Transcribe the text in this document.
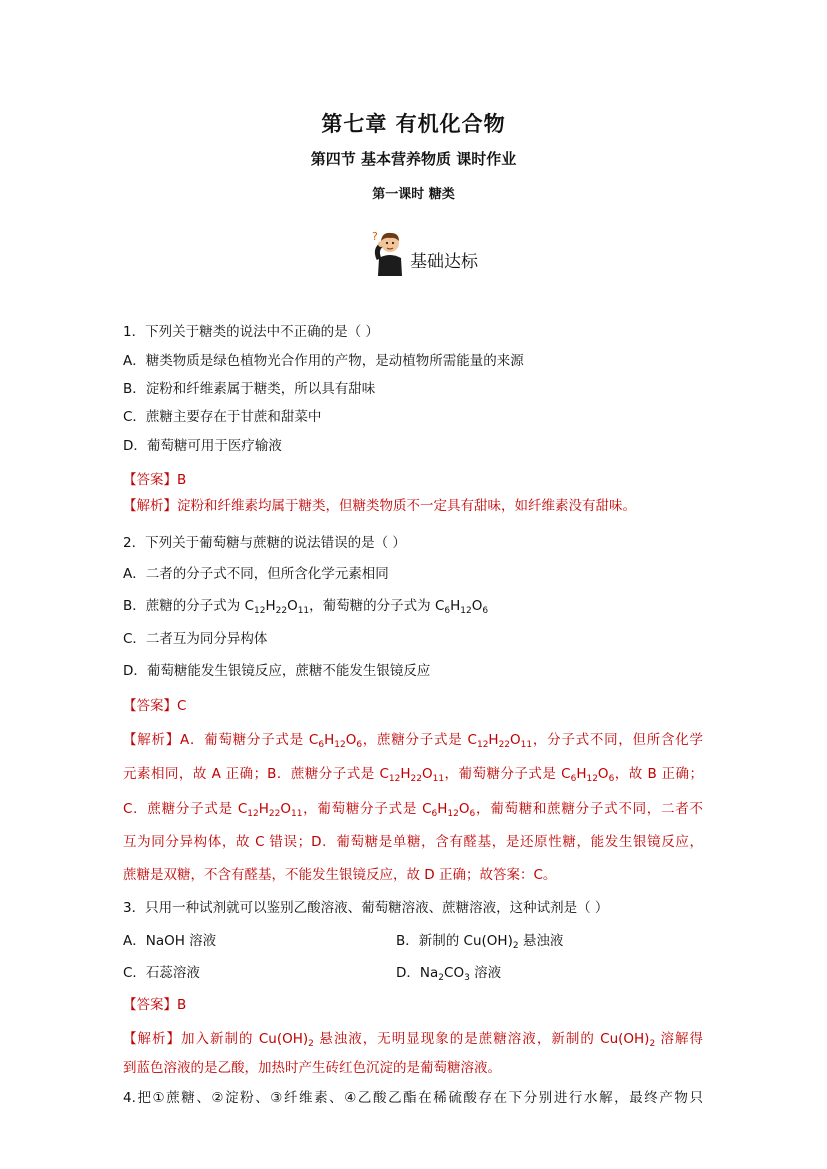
第七章 有机化合物
第四节 基本营养物质 课时作业
第一课时 糖类
?
基础达标
1．下列关于糖类的说法中不正确的是（ ）
A．糖类物质是绿色植物光合作用的产物，是动植物所需能量的来源
B．淀粉和纤维素属于糖类，所以具有甜味
C．蔗糖主要存在于甘蔗和甜菜中
D．葡萄糖可用于医疗输液
【答案】B
【解析】淀粉和纤维素均属于糖类，但糖类物质不一定具有甜味，如纤维素没有甜味。
2．下列关于葡萄糖与蔗糖的说法错误的是（ ）
A．二者的分子式不同，但所含化学元素相同
B．蔗糖的分子式为 $C_{12}H_{22}O_{11}$，葡萄糖的分子式为 $C_6H_{12}O_6$
C．二者互为同分异构体
D．葡萄糖能发生银镜反应，蔗糖不能发生银镜反应
【答案】C
【解析】A．葡萄糖分子式是 $C_6H_{12}O_6$，蔗糖分子式是 $C_{12}H_{22}O_{11}$，分子式不同，但所含化学
元素相同，故 A 正确；B．蔗糖分子式是 $C_{12}H_{22}O_{11}$，葡萄糖分子式是 $C_6H_{12}O_6$，故 B 正确；
C．蔗糖分子式是 $C_{12}H_{22}O_{11}$，葡萄糖分子式是 $C_6H_{12}O_6$，葡萄糖和蔗糖分子式不同，二者不
互为同分异构体，故 C 错误；D．葡萄糖是单糖，含有醛基，是还原性糖，能发生银镜反应，
蔗糖是双糖，不含有醛基，不能发生银镜反应，故 D 正确；故答案：C。
3．只用一种试剂就可以鉴别乙酸溶液、葡萄糖溶液、蔗糖溶液，这种试剂是（ ）
A．NaOH 溶液	B．新制的 $Cu(OH)_2$ 悬浊液
C．石蕊溶液	D．$Na_2CO_3$ 溶液
【答案】B
【解析】加入新制的 $Cu(OH)_2$ 悬浊液，无明显现象的是蔗糖溶液，新制的 $Cu(OH)_2$ 溶解得
到蓝色溶液的是乙酸，加热时产生砖红色沉淀的是葡萄糖溶液。
4.把①蔗糖、②淀粉、③纤维素、④乙酸乙酯在稀硫酸存在下分别进行水解，最终产物只
